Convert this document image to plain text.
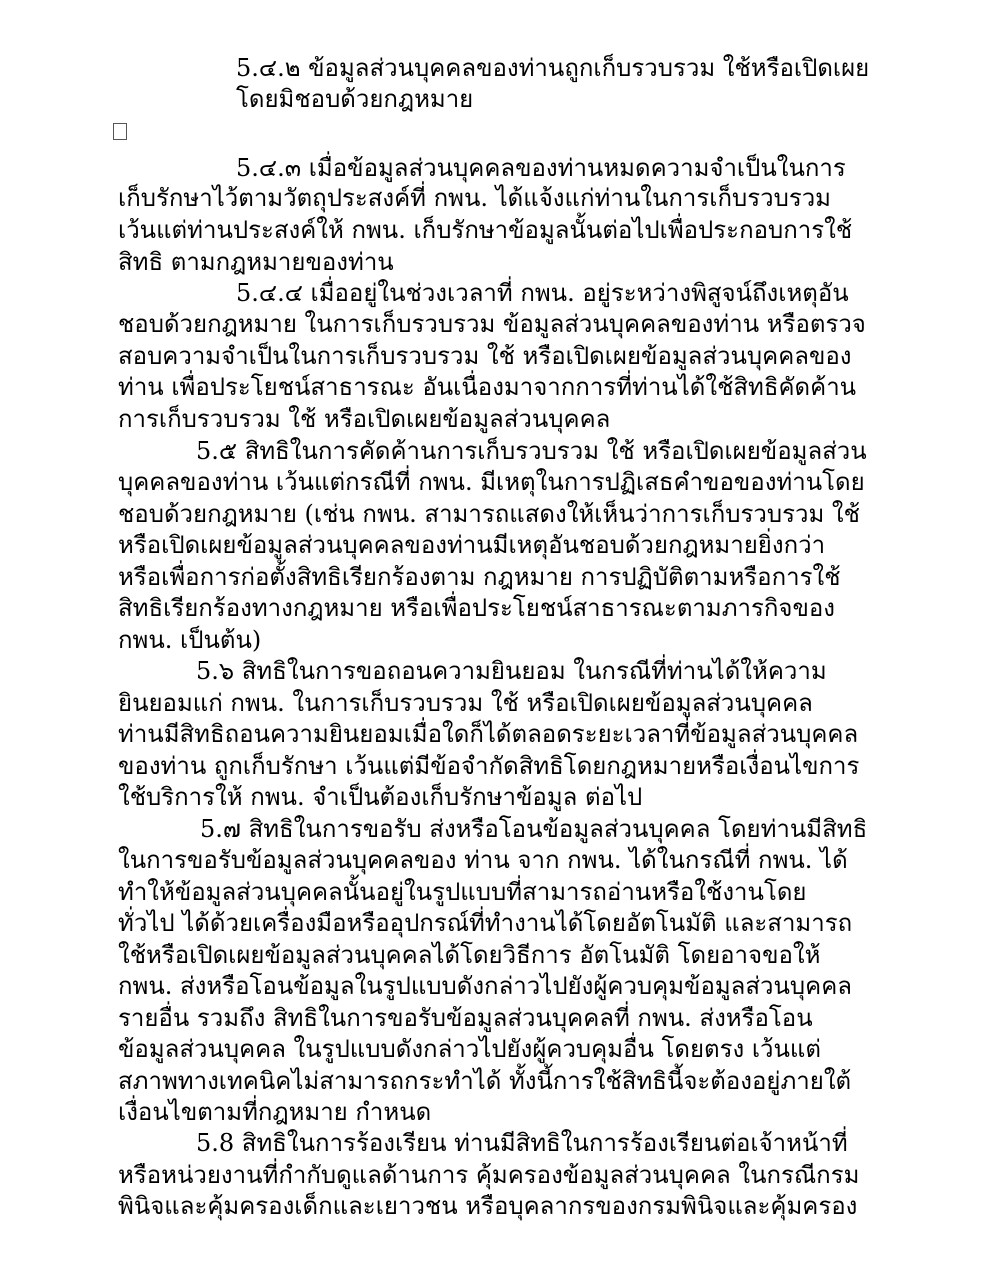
5.๔.๒ ข้อมูลส่วนบุคคลของท่านถูกเก็บรวบรวม ใช้หรือเปิดเผย
โดยมิชอบด้วยกฎหมาย
5.๔.๓ เมื่อข้อมูลส่วนบุคคลของท่านหมดความจำเป็นในการ
เก็บรักษาไว้ตามวัตถุประสงค์ที่ กพน. ได้แจ้งแก่ท่านในการเก็บรวบรวม
เว้นแต่ท่านประสงค์ให้ กพน. เก็บรักษาข้อมูลนั้นต่อไปเพื่อประกอบการใช้
สิทธิ ตามกฎหมายของท่าน
5.๔.๔ เมื่ออยู่ในช่วงเวลาที่ กพน. อยู่ระหว่างพิสูจน์ถึงเหตุอัน
ชอบด้วยกฎหมาย ในการเก็บรวบรวม ข้อมูลส่วนบุคคลของท่าน หรือตรวจ
สอบความจำเป็นในการเก็บรวบรวม ใช้ หรือเปิดเผยข้อมูลส่วนบุคคลของ
ท่าน เพื่อประโยชน์สาธารณะ อันเนื่องมาจากการที่ท่านได้ใช้สิทธิคัดค้าน
การเก็บรวบรวม ใช้ หรือเปิดเผยข้อมูลส่วนบุคคล
5.๕ สิทธิในการคัดค้านการเก็บรวบรวม ใช้ หรือเปิดเผยข้อมูลส่วน
บุคคลของท่าน เว้นแต่กรณีที่ กพน. มีเหตุในการปฏิเสธคำขอของท่านโดย
ชอบด้วยกฎหมาย (เช่น กพน. สามารถแสดงให้เห็นว่าการเก็บรวบรวม ใช้
หรือเปิดเผยข้อมูลส่วนบุคคลของท่านมีเหตุอันชอบด้วยกฎหมายยิ่งกว่า
หรือเพื่อการก่อตั้งสิทธิเรียกร้องตาม กฎหมาย การปฏิบัติตามหรือการใช้
สิทธิเรียกร้องทางกฎหมาย หรือเพื่อประโยชน์สาธารณะตามภารกิจของ
กพน. เป็นต้น)
5.๖ สิทธิในการขอถอนความยินยอม ในกรณีที่ท่านได้ให้ความ
ยินยอมแก่ กพน. ในการเก็บรวบรวม ใช้ หรือเปิดเผยข้อมูลส่วนบุคคล
ท่านมีสิทธิถอนความยินยอมเมื่อใดก็ได้ตลอดระยะเวลาที่ข้อมูลส่วนบุคคล
ของท่าน ถูกเก็บรักษา เว้นแต่มีข้อจำกัดสิทธิโดยกฎหมายหรือเงื่อนไขการ
ใช้บริการให้ กพน. จำเป็นต้องเก็บรักษาข้อมูล ต่อไป
5.๗ สิทธิในการขอรับ ส่งหรือโอนข้อมูลส่วนบุคคล โดยท่านมีสิทธิ
ในการขอรับข้อมูลส่วนบุคคลของ ท่าน จาก กพน. ได้ในกรณีที่ กพน. ได้
ทำให้ข้อมูลส่วนบุคคลนั้นอยู่ในรูปแบบที่สามารถอ่านหรือใช้งานโดย
ทั่วไป ได้ด้วยเครื่องมือหรืออุปกรณ์ที่ทำงานได้โดยอัตโนมัติ และสามารถ
ใช้หรือเปิดเผยข้อมูลส่วนบุคคลได้โดยวิธีการ อัตโนมัติ โดยอาจขอให้
กพน. ส่งหรือโอนข้อมูลในรูปแบบดังกล่าวไปยังผู้ควบคุมข้อมูลส่วนบุคคล
รายอื่น รวมถึง สิทธิในการขอรับข้อมูลส่วนบุคคลที่ กพน. ส่งหรือโอน
ข้อมูลส่วนบุคคล ในรูปแบบดังกล่าวไปยังผู้ควบคุมอื่น โดยตรง เว้นแต่
สภาพทางเทคนิคไม่สามารถกระทำได้ ทั้งนี้การใช้สิทธินี้จะต้องอยู่ภายใต้
เงื่อนไขตามที่กฎหมาย กำหนด
5.8 สิทธิในการร้องเรียน ท่านมีสิทธิในการร้องเรียนต่อเจ้าหน้าที่
หรือหน่วยงานที่กำกับดูแลด้านการ คุ้มครองข้อมูลส่วนบุคคล ในกรณีกรม
พินิจและคุ้มครองเด็กและเยาวชน หรือบุคลากรของกรมพินิจและคุ้มครอง
